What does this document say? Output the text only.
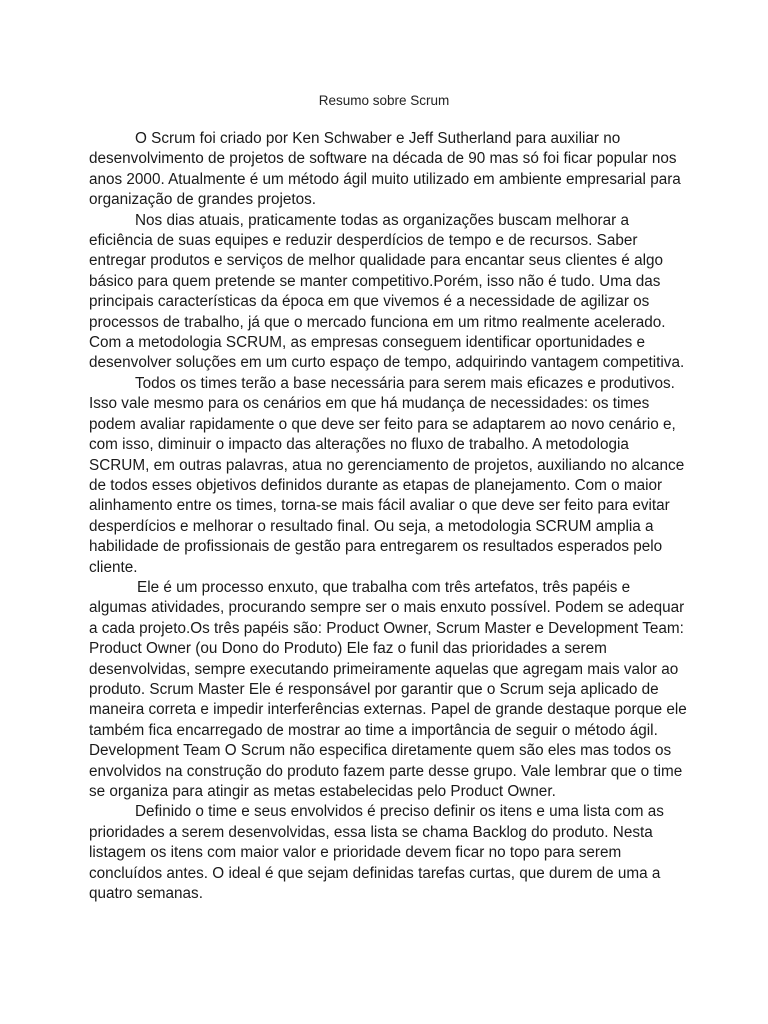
Resumo sobre Scrum

O Scrum foi criado por Ken Schwaber e Jeff Sutherland para auxiliar no desenvolvimento de projetos de software na década de 90 mas só foi ficar popular nos anos 2000. Atualmente é um método ágil muito utilizado em ambiente empresarial para organização de grandes projetos.

Nos dias atuais, praticamente todas as organizações buscam melhorar a eficiência de suas equipes e reduzir desperdícios de tempo e de recursos. Saber entregar produtos e serviços de melhor qualidade para encantar seus clientes é algo básico para quem pretende se manter competitivo.Porém, isso não é tudo. Uma das principais características da época em que vivemos é a necessidade de agilizar os processos de trabalho, já que o mercado funciona em um ritmo realmente acelerado. Com a metodologia SCRUM, as empresas conseguem identificar oportunidades e desenvolver soluções em um curto espaço de tempo, adquirindo vantagem competitiva.

Todos os times terão a base necessária para serem mais eficazes e produtivos. Isso vale mesmo para os cenários em que há mudança de necessidades: os times podem avaliar rapidamente o que deve ser feito para se adaptarem ao novo cenário e, com isso, diminuir o impacto das alterações no fluxo de trabalho. A metodologia SCRUM, em outras palavras, atua no gerenciamento de projetos, auxiliando no alcance de todos esses objetivos definidos durante as etapas de planejamento. Com o maior alinhamento entre os times, torna-se mais fácil avaliar o que deve ser feito para evitar desperdícios e melhorar o resultado final. Ou seja, a metodologia SCRUM amplia a habilidade de profissionais de gestão para entregarem os resultados esperados pelo cliente.

Ele é um processo enxuto, que trabalha com três artefatos, três papéis e algumas atividades, procurando sempre ser o mais enxuto possível. Podem se adequar a cada projeto.Os três papéis são: Product Owner, Scrum Master e Development Team: Product Owner (ou Dono do Produto) Ele faz o funil das prioridades a serem desenvolvidas, sempre executando primeiramente aquelas que agregam mais valor ao produto. Scrum Master Ele é responsável por garantir que o Scrum seja aplicado de maneira correta e impedir interferências externas. Papel de grande destaque porque ele também fica encarregado de mostrar ao time a importância de seguir o método ágil. Development Team O Scrum não especifica diretamente quem são eles mas todos os envolvidos na construção do produto fazem parte desse grupo. Vale lembrar que o time se organiza para atingir as metas estabelecidas pelo Product Owner.

Definido o time e seus envolvidos é preciso definir os itens e uma lista com as prioridades a serem desenvolvidas, essa lista se chama Backlog do produto. Nesta listagem os itens com maior valor e prioridade devem ficar no topo para serem concluídos antes. O ideal é que sejam definidas tarefas curtas, que durem de uma a quatro semanas.
